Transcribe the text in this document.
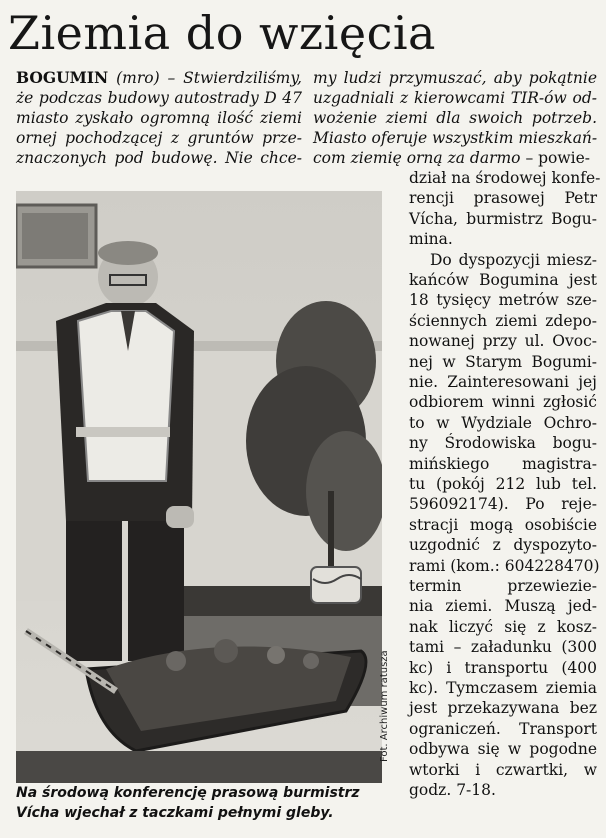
Ziemia do wzięcia
BOGUMIN (mro) – Stwierdziliśmy,
że podczas budowy autostrady D 47
miasto zyskało ogromną ilość ziemi
ornej pochodzącej z gruntów prze-
znaczonych pod budowę. Nie chce-
my ludzi przymuszać, aby pokątnie
uzgadniali z kierowcami TIR-ów od-
wożenie ziemi dla swoich potrzeb.
Miasto oferuje wszystkim mieszkań-
com ziemię orną za darmo – powie-
Fot. Archiwum ratusza
Na środową konferencję prasową burmistrz
Vícha wjechał z taczkami pełnymi gleby.
dział na środowej konfe-
rencji prasowej Petr
Vícha, burmistrz Bogu-
mina.
Do dyspozycji miesz-
kańców Bogumina jest
18 tysięcy metrów sze-
ściennych ziemi zdepo-
nowanej przy ul. Ovoc-
nej w Starym Bogumi-
nie. Zainteresowani jej
odbiorem winni zgłosić
to w Wydziale Ochro-
ny Środowiska bogu-
mińskiego magistra-
tu (pokój 212 lub tel.
596092174). Po reje-
stracji mogą osobiście
uzgodnić z dyspozyto-
rami (kom.: 604228470)
termin przewiezie-
nia ziemi. Muszą jed-
nak liczyć się z kosz-
tami – załadunku (300
kc) i transportu (400
kc). Tymczasem ziemia
jest przekazywana bez
ograniczeń. Transport
odbywa się w pogodne
wtorki i czwartki, w
godz. 7-18.
